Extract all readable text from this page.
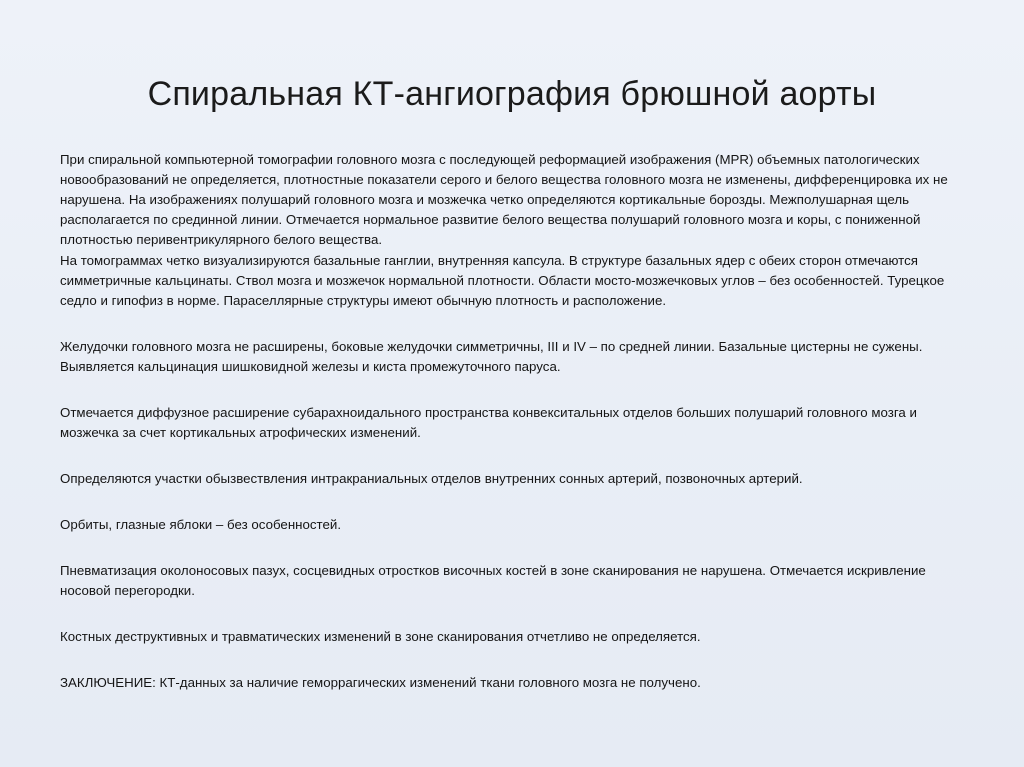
Спиральная КТ-ангиография брюшной аорты

При спиральной компьютерной томографии головного мозга с последующей реформацией изображения (MPR) объемных патологических новообразований не определяется, плотностные показатели серого и белого вещества головного мозга не изменены, дифференцировка их не нарушена. На изображениях полушарий головного мозга и мозжечка четко определяются кортикальные борозды. Межполушарная щель располагается по срединной линии. Отмечается нормальное развитие белого вещества полушарий головного мозга и коры, с пониженной плотностью перивентрикулярного белого вещества.

На томограммах четко визуализируются базальные ганглии, внутренняя капсула. В структуре базальных ядер с обеих сторон отмечаются симметричные кальцинаты. Ствол мозга и мозжечок нормальной плотности. Области мосто-мозжечковых углов – без особенностей. Турецкое седло и гипофиз в норме. Параселлярные структуры имеют обычную плотность и расположение.

Желудочки головного мозга не расширены, боковые желудочки симметричны, III и IV – по средней линии. Базальные цистерны не сужены. Выявляется кальцинация шишковидной железы и киста промежуточного паруса.

Отмечается диффузное расширение субарахноидального пространства конвекситальных отделов больших полушарий головного мозга и мозжечка за счет кортикальных атрофических изменений.

Определяются участки обызвествления интракраниальных отделов внутренних сонных артерий, позвоночных артерий.

Орбиты, глазные яблоки – без особенностей.

Пневматизация околоносовых пазух, сосцевидных отростков височных костей в зоне сканирования не нарушена. Отмечается искривление носовой перегородки.

Костных деструктивных и травматических изменений в зоне сканирования отчетливо не определяется.

ЗАКЛЮЧЕНИЕ: КТ-данных за наличие геморрагических изменений ткани головного мозга не получено.
